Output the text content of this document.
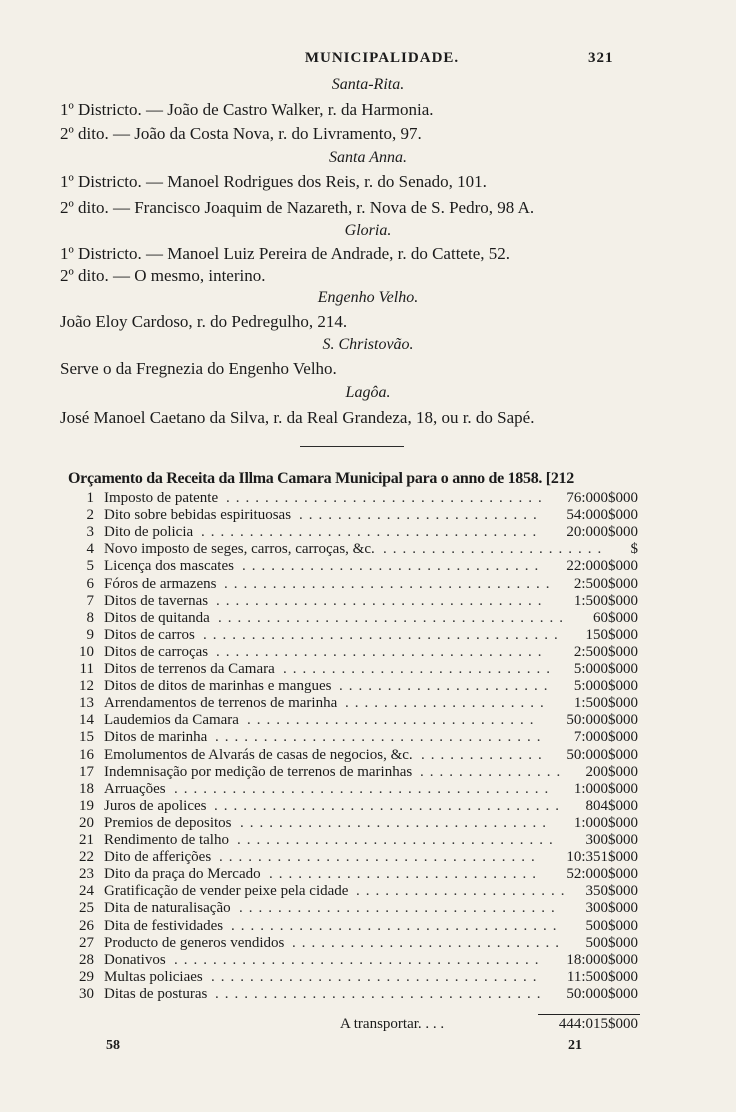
MUNICIPALIDADE.	321
Santa-Rita.
1º Districto. — João de Castro Walker, r. da Harmonia.
2º dito. — João da Costa Nova, r. do Livramento, 97.
Santa Anna.
1º Districto. — Manoel Rodrigues dos Reis, r. do Senado, 101.
2º dito. — Francisco Joaquim de Nazareth, r. Nova de S. Pedro, 98 A.
Gloria.
1º Districto. — Manoel Luiz Pereira de Andrade, r. do Cattete, 52.
2º dito. — O mesmo, interino.
Engenho Velho.
João Eloy Cardoso, r. do Pedregulho, 214.
S. Christovão.
Serve o da Fregnezia do Engenho Velho.
Lagôa.
José Manoel Caetano da Silva, r. da Real Grandeza, 18, ou r. do Sapé.
Orçamento da Receita da Illma Camara Municipal para o anno de 1858. [212
1 Imposto de patente	76:000$000
.................................
2 Dito sobre bebidas espirituosas	54:000$000
.........................
3 Dito de policia	20:000$000
...................................
4 Novo imposto de seges, carros, carroças, &c.	$
.......................
5 Licença dos mascates	22:000$000
...............................
6 Fóros de armazens	2:500$000
..................................
7 Ditos de tavernas	1:500$000
..................................
8 Ditos de quitanda	60$000
....................................
9 Ditos de carros	150$000
.....................................
10 Ditos de carroças	2:500$000
..................................
11 Ditos de terrenos da Camara	5:000$000
............................
12 Ditos de ditos de marinhas e mangues	5:000$000
......................
13 Arrendamentos de terrenos de marinha	1:500$000
.....................
14 Laudemios da Camara	50:000$000
..............................
15 Ditos de marinha	7:000$000
..................................
16 Emolumentos de Alvarás de casas de negocios, &c.	50:000$000
.............
17 Indemnisação por medição de terrenos de marinhas	200$000
...............
18 Arruações	1:000$000
.......................................
19 Juros de apolices	804$000
....................................
20 Premios de depositos	1:000$000
................................
21 Rendimento de talho	300$000
.................................
22 Dito de afferições	10:351$000
.................................
23 Dito da praça do Mercado	52:000$000
............................
24 Gratificação de vender peixe pela cidade	350$000
......................
25 Dita de naturalisação	300$000
.................................
26 Dita de festividades	500$000
..................................
27 Producto de generos vendidos	500$000
............................
28 Donativos	18:000$000
......................................
29 Multas policiaes	11:500$000
..................................
30 Ditas de posturas	50:000$000
..................................
A transportar. . . .	444:015$000
58	21
